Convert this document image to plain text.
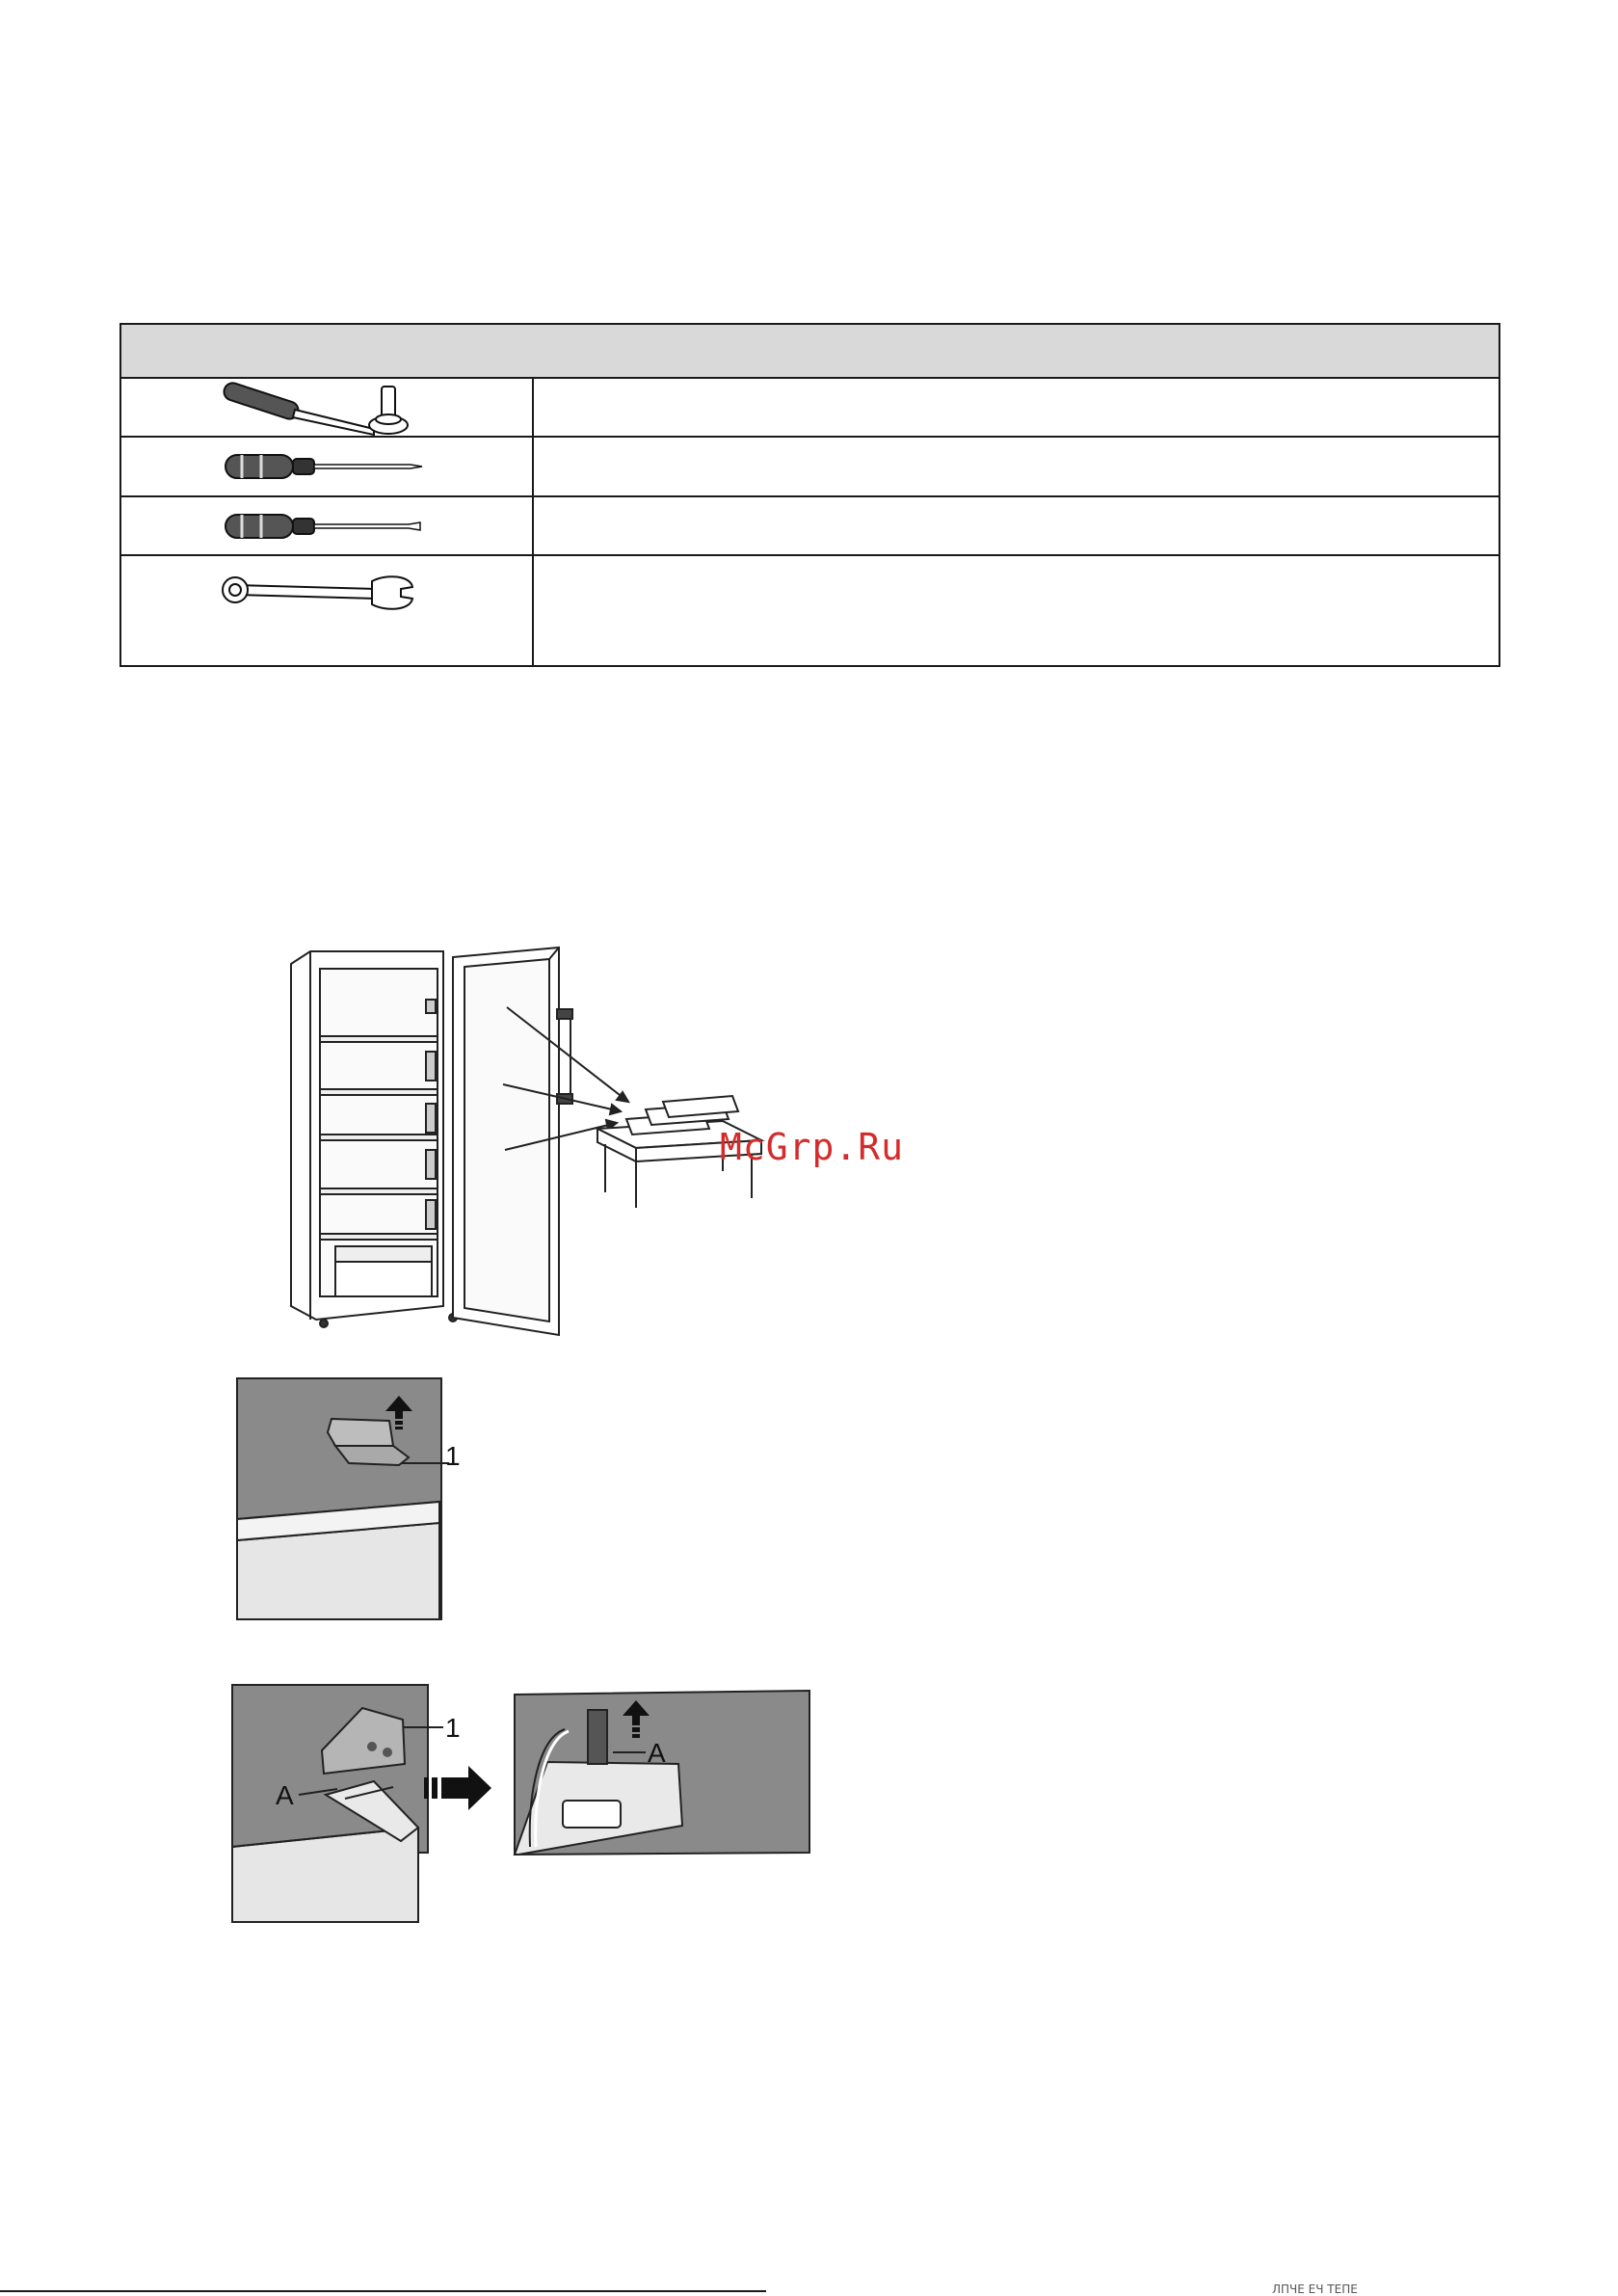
McGrp.Ru
1
A
1
A
ЛПЧЕ ЕЧ ТЕПЕ
